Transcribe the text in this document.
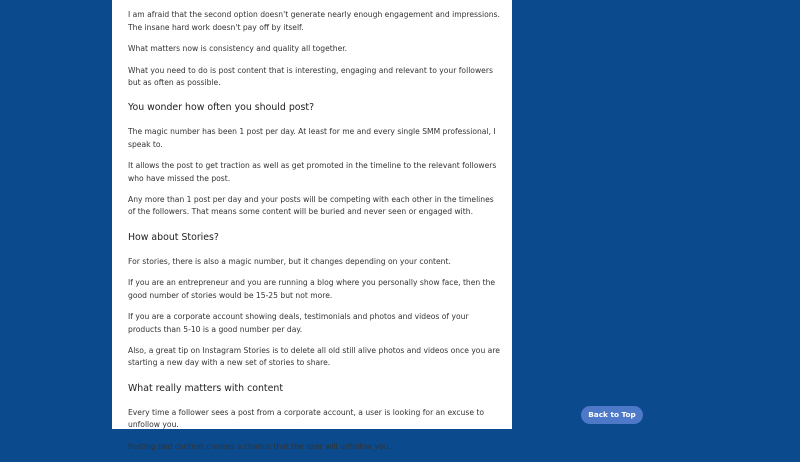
I am afraid that the second option doesn't generate nearly enough engagement and impressions. The insane hard work doesn't pay off by itself.

What matters now is consistency and quality all together.

What you need to do is post content that is interesting, engaging and relevant to your followers but as often as possible.

You wonder how often you should post?

The magic number has been 1 post per day. At least for me and every single SMM professional, I speak to.

It allows the post to get traction as well as get promoted in the timeline to the relevant followers who have missed the post.

Any more than 1 post per day and your posts will be competing with each other in the timelines of the followers. That means some content will be buried and never seen or engaged with.

How about Stories?

For stories, there is also a magic number, but it changes depending on your content.

If you are an entrepreneur and you are running a blog where you personally show face, then the good number of stories would be 15-25 but not more.

If you are a corporate account showing deals, testimonials and photos and videos of your products than 5-10 is a good number per day.

Also, a great tip on Instagram Stories is to delete all old still alive photos and videos once you are starting a new day with a new set of stories to share.

What really matters with content

Every time a follower sees a post from a corporate account, a user is looking for an excuse to unfollow you.

Posting bad content creates a chance that the user will unfollow you.

Back to Top
